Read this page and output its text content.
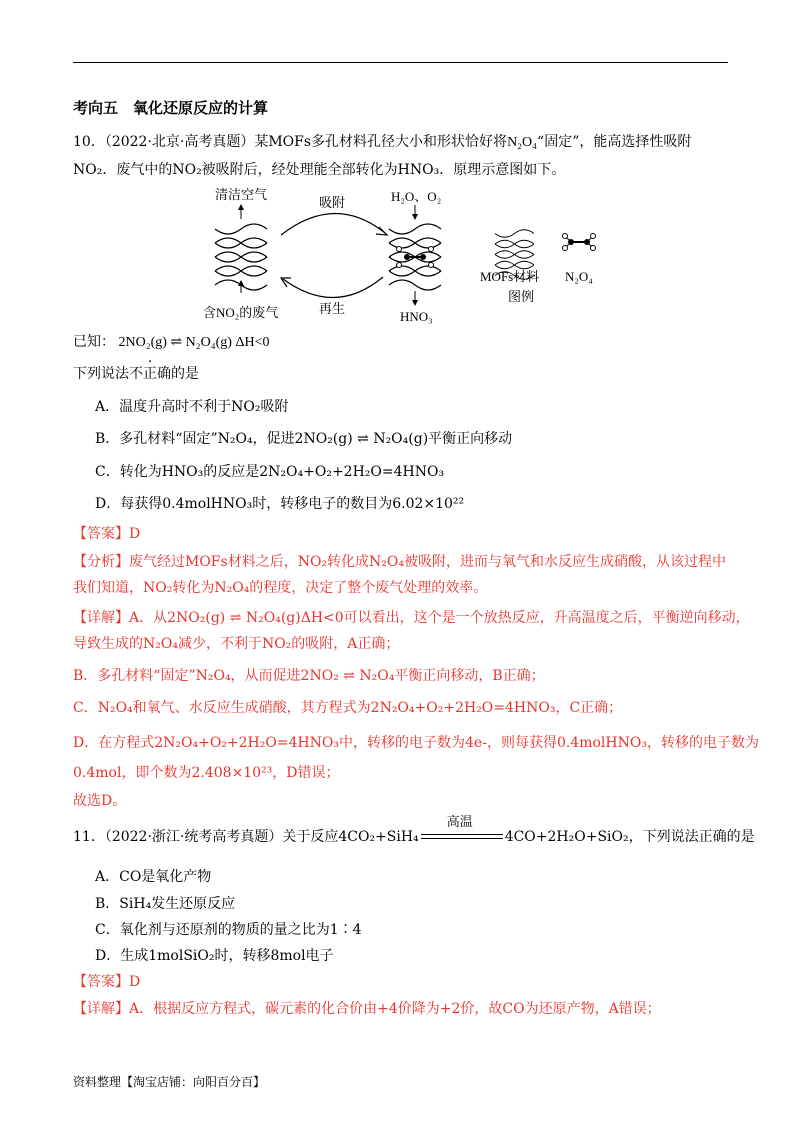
考向五　氧化还原反应的计算
10．（2022·北京·高考真题）某MOFs多孔材料孔径大小和形状恰好将N₂O₄“固定”，能高选择性吸附
NO₂．废气中的NO₂被吸附后，经处理能全部转化为HNO₃．原理示意图如下。
清洁空气
吸附	H₂O、O₂
再生
含NO₂的废气	HNO₃
MOFs材料 N₂O₄
图例
已知： 2NO₂(g) ⇌ N₂O₄(g) ΔH<0
下列说法不正确的是
A．温度升高时不利于NO₂吸附
B．多孔材料“固定”N₂O₄，促进2NO₂(g) ⇌ N₂O₄(g)平衡正向移动
C．转化为HNO₃的反应是2N₂O₄+O₂+2H₂O=4HNO₃
D．每获得0.4molHNO₃时，转移电子的数目为6.02×10²²
【答案】D
【分析】废气经过MOFs材料之后，NO₂转化成N₂O₄被吸附，进而与氧气和水反应生成硝酸，从该过程中
我们知道，NO₂转化为N₂O₄的程度，决定了整个废气处理的效率。
【详解】A．从2NO₂(g) ⇌ N₂O₄(g)ΔH<0可以看出，这个是一个放热反应，升高温度之后，平衡逆向移动，
导致生成的N₂O₄减少，不利于NO₂的吸附，A正确；
B．多孔材料“固定”N₂O₄，从而促进2NO₂ ⇌ N₂O₄平衡正向移动，B正确；
C．N₂O₄和氧气、水反应生成硝酸，其方程式为2N₂O₄+O₂+2H₂O=4HNO₃，C正确；
D．在方程式2N₂O₄+O₂+2H₂O=4HNO₃中，转移的电子数为4e-，则每获得0.4molHNO₃，转移的电子数为
0.4mol，即个数为2.408×10²³，D错误；
故选D。
11．（2022·浙江·统考高考真题）关于反应4CO₂+SiH₄
高温
4CO+2H₂O+SiO₂，下列说法正确的是
A．CO是氧化产物
B．SiH₄发生还原反应
C．氧化剂与还原剂的物质的量之比为1∶4
D．生成1molSiO₂时，转移8mol电子
【答案】D
【详解】A．根据反应方程式，碳元素的化合价由+4价降为+2价，故CO为还原产物，A错误；
资料整理【淘宝店铺：向阳百分百】
